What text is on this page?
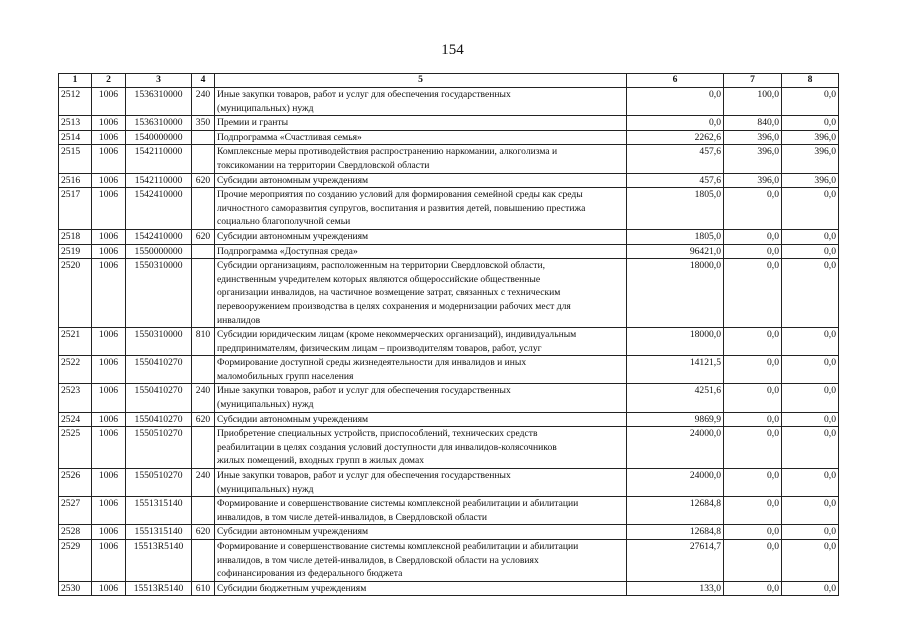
154
1	2	3	4	5	6	7	8
2512	1006	1536310000	240	Иные закупки товаров, работ и услуг для обеспечения государственных
(муниципальных) нужд	0,0	100,0	0,0
2513	1006	1536310000	350	Премии и гранты	0,0	840,0	0,0
2514	1006	1540000000		Подпрограмма «Счастливая семья»	2262,6	396,0	396,0
2515	1006	1542110000		Комплексные меры противодействия распространению наркомании, алкоголизма и
токсикомании на территории Свердловской области	457,6	396,0	396,0
2516	1006	1542110000	620	Субсидии автономным учреждениям	457,6	396,0	396,0
2517	1006	1542410000		Прочие мероприятия по созданию условий для формирования семейной среды как среды
личностного саморазвития супругов, воспитания и развития детей, повышению престижа
социально благополучной семьи	1805,0	0,0	0,0
2518	1006	1542410000	620	Субсидии автономным учреждениям	1805,0	0,0	0,0
2519	1006	1550000000		Подпрограмма «Доступная среда»	96421,0	0,0	0,0
2520	1006	1550310000		Субсидии организациям, расположенным на территории Свердловской области,
единственным учредителем которых являются общероссийские общественные
организации инвалидов, на частичное возмещение затрат, связанных с техническим
перевооружением производства в целях сохранения и модернизации рабочих мест для
инвалидов	18000,0	0,0	0,0
2521	1006	1550310000	810	Субсидии юридическим лицам (кроме некоммерческих организаций), индивидуальным
предпринимателям, физическим лицам – производителям товаров, работ, услуг	18000,0	0,0	0,0
2522	1006	1550410270		Формирование доступной среды жизнедеятельности для инвалидов и иных
маломобильных групп населения	14121,5	0,0	0,0
2523	1006	1550410270	240	Иные закупки товаров, работ и услуг для обеспечения государственных
(муниципальных) нужд	4251,6	0,0	0,0
2524	1006	1550410270	620	Субсидии автономным учреждениям	9869,9	0,0	0,0
2525	1006	1550510270		Приобретение специальных устройств, приспособлений, технических средств
реабилитации в целях создания условий доступности для инвалидов-колясочников
жилых помещений, входных групп в жилых домах	24000,0	0,0	0,0
2526	1006	1550510270	240	Иные закупки товаров, работ и услуг для обеспечения государственных
(муниципальных) нужд	24000,0	0,0	0,0
2527	1006	1551315140		Формирование и совершенствование системы комплексной реабилитации и абилитации
инвалидов, в том числе детей-инвалидов, в Свердловской области	12684,8	0,0	0,0
2528	1006	1551315140	620	Субсидии автономным учреждениям	12684,8	0,0	0,0
2529	1006	15513R5140		Формирование и совершенствование системы комплексной реабилитации и абилитации
инвалидов, в том числе детей-инвалидов, в Свердловской области на условиях
софинансирования из федерального бюджета	27614,7	0,0	0,0
2530	1006	15513R5140	610	Субсидии бюджетным учреждениям	133,0	0,0	0,0
